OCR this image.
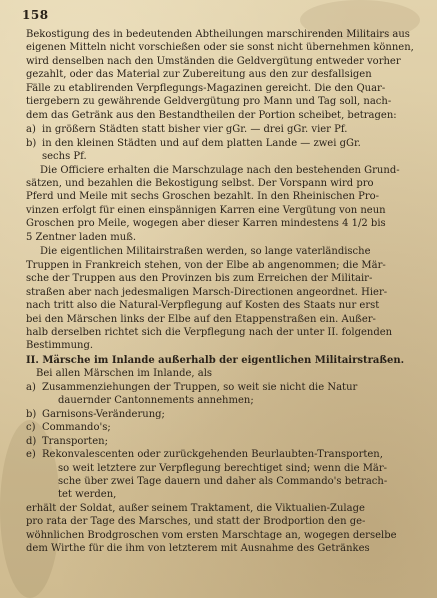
158
Bekostigung des in bedeutenden Abtheilungen marschirenden Militairs aus
eigenen Mitteln nicht vorschießen oder sie sonst nicht übernehmen können,
wird denselben nach den Umständen die Geldvergütung entweder vorher
gezahlt, oder das Material zur Zubereitung aus den zur desfallsigen
Fälle zu etablirenden Verpflegungs-Magazinen gereicht. Die den Quar-
tiergebern zu gewährende Geldvergütung pro Mann und Tag soll, nach-
dem das Getränk aus den Bestandtheilen der Portion scheibet, betragen:
a) in größern Städten statt bisher vier gGr. — drei gGr. vier Pf.
b) in den kleinen Städten und auf dem platten Lande — zwei gGr.
sechs Pf.
Die Officiere erhalten die Marschzulage nach den bestehenden Grund-
sätzen, und bezahlen die Bekostigung selbst. Der Vorspann wird pro
Pferd und Meile mit sechs Groschen bezahlt. In den Rheinischen Pro-
vinzen erfolgt für einen einspännigen Karren eine Vergütung von neun
Groschen pro Meile, wogegen aber dieser Karren mindestens 4 1/2 bis
5 Zentner laden muß.
Die eigentlichen Militairstraßen werden, so lange vaterländische
Truppen in Frankreich stehen, von der Elbe ab angenommen; die Mär-
sche der Truppen aus den Provinzen bis zum Erreichen der Militair-
straßen aber nach jedesmaligen Marsch-Directionen angeordnet. Hier-
nach tritt also die Natural-Verpflegung auf Kosten des Staats nur erst
bei den Märschen links der Elbe auf den Etappenstraßen ein. Außer-
halb derselben richtet sich die Verpflegung nach der unter II. folgenden
Bestimmung.
II. Märsche im Inlande außerhalb der eigentlichen Militairstraßen.
Bei allen Märschen im Inlande, als
a) Zusammenziehungen der Truppen, so weit sie nicht die Natur
dauernder Cantonnements annehmen;
b) Garnisons-Veränderung;
c) Commando's;
d) Transporten;
e) Rekonvalescenten oder zurückgehenden Beurlaubten-Transporten,
so weit letztere zur Verpflegung berechtiget sind; wenn die Mär-
sche über zwei Tage dauern und daher als Commando's betrach-
tet werden,
erhält der Soldat, außer seinem Traktament, die Viktualien-Zulage
pro rata der Tage des Marsches, und statt der Brodportion den ge-
wöhnlichen Brodgroschen vom ersten Marschtage an, wogegen derselbe
dem Wirthe für die ihm von letzterem mit Ausnahme des Getränkes
